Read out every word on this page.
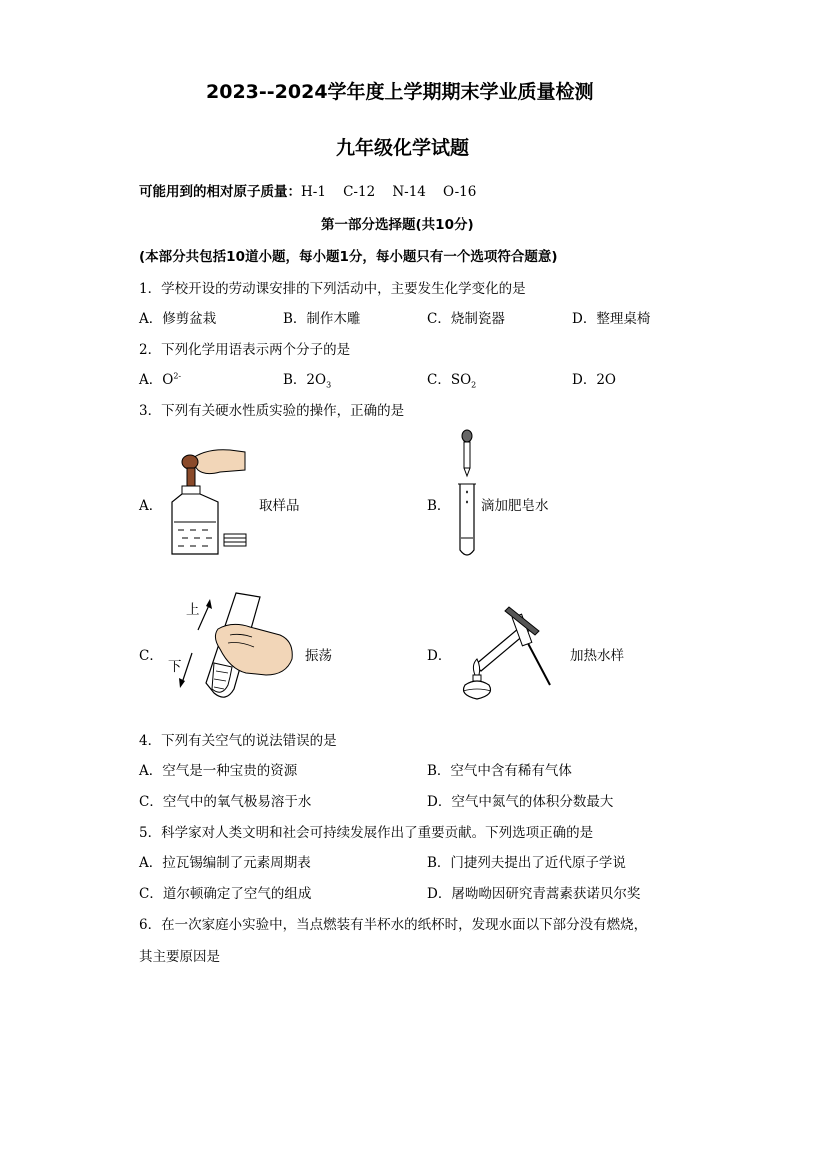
2023--2024学年度上学期期末学业质量检测
九年级化学试题
可能用到的相对原子质量：H-1    C-12    N-14    O-16
第一部分选择题(共10分)
(本部分共包括10道小题，每小题1分，每小题只有一个选项符合题意)
1．学校开设的劳动课安排的下列活动中，主要发生化学变化的是
A．修剪盆栽	B．制作木雕	C．烧制瓷器	D．整理桌椅
2．下列化学用语表示两个分子的是
A．$O^{2-}$	B．$2O_3$	C．$SO_2$	D．2O
3．下列有关硬水性质实验的操作，正确的是
A．	取样品	B． 滴加肥皂水
C．
上
下
振荡	D．	加热水样
4．下列有关空气的说法错误的是
A．空气是一种宝贵的资源	B．空气中含有稀有气体
C．空气中的氧气极易溶于水	D．空气中氮气的体积分数最大
5．科学家对人类文明和社会可持续发展作出了重要贡献。下列选项正确的是
A．拉瓦锡编制了元素周期表	B．门捷列夫提出了近代原子学说
C．道尔顿确定了空气的组成	D．屠呦呦因研究青蒿素获诺贝尔奖
6．在一次家庭小实验中，当点燃装有半杯水的纸杯时，发现水面以下部分没有燃烧，
其主要原因是
